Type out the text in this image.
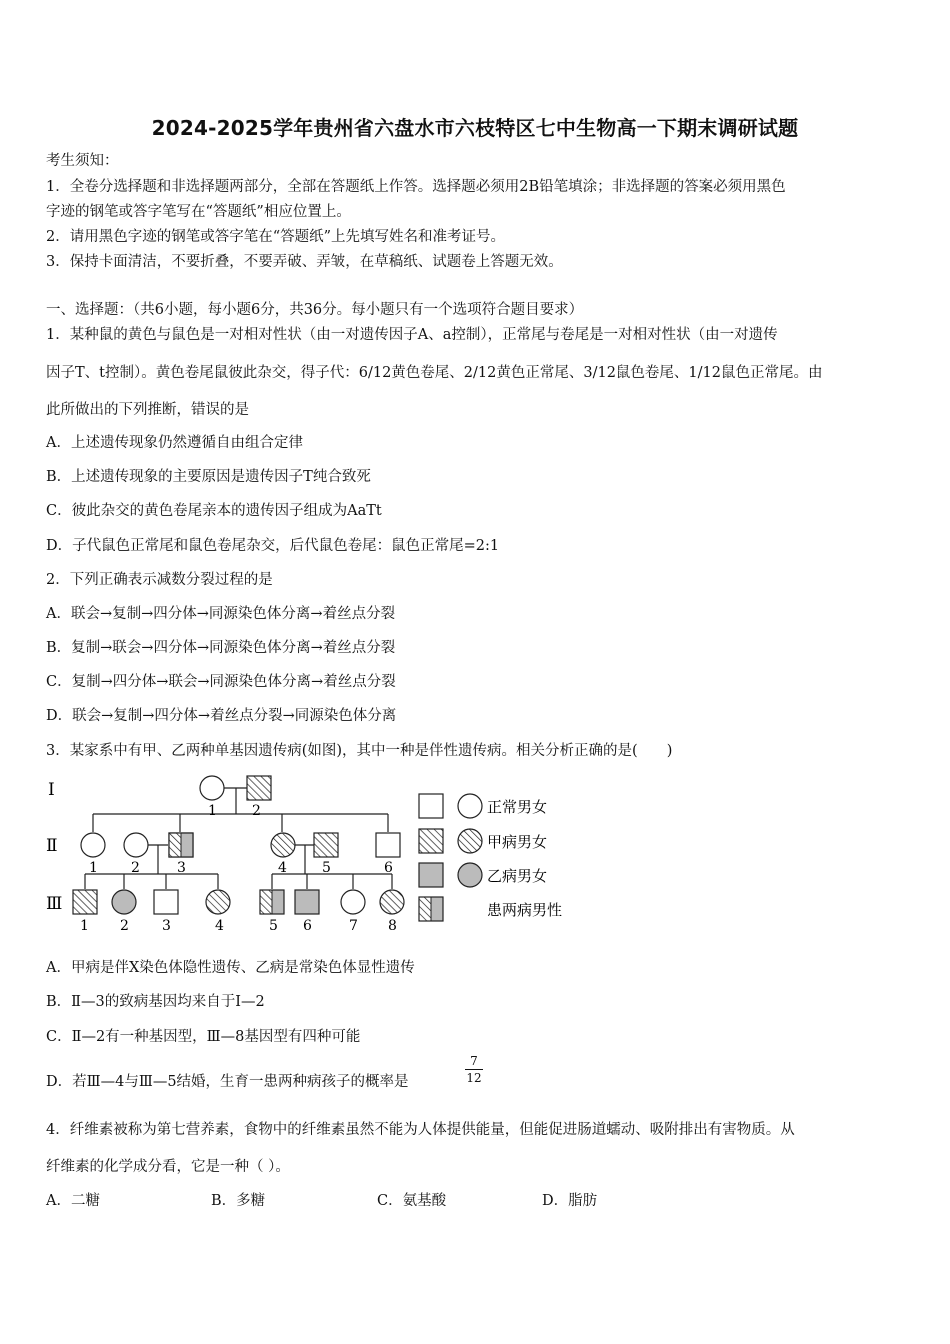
2024-2025学年贵州省六盘水市六枝特区七中生物高一下期末调研试题
考生须知：
1．全卷分选择题和非选择题两部分，全部在答题纸上作答。选择题必须用2B铅笔填涂；非选择题的答案必须用黑色
字迹的钢笔或答字笔写在“答题纸”相应位置上。
2．请用黑色字迹的钢笔或答字笔在“答题纸”上先填写姓名和准考证号。
3．保持卡面清洁，不要折叠，不要弄破、弄皱，在草稿纸、试题卷上答题无效。
一、选择题：（共6小题，每小题6分，共36分。每小题只有一个选项符合题目要求）
1．某种鼠的黄色与鼠色是一对相对性状（由一对遗传因子A、a控制），正常尾与卷尾是一对相对性状（由一对遗传
因子T、t控制）。黄色卷尾鼠彼此杂交，得子代：6/12黄色卷尾、2/12黄色正常尾、3/12鼠色卷尾、1/12鼠色正常尾。由
此所做出的下列推断，错误的是
A．上述遗传现象仍然遵循自由组合定律
B．上述遗传现象的主要原因是遗传因子T纯合致死
C．彼此杂交的黄色卷尾亲本的遗传因子组成为AaTt
D．子代鼠色正常尾和鼠色卷尾杂交，后代鼠色卷尾：鼠色正常尾=2:1
2．下列正确表示减数分裂过程的是
A．联会→复制→四分体→同源染色体分离→着丝点分裂
B．复制→联会→四分体→同源染色体分离→着丝点分裂
C．复制→四分体→联会→同源染色体分离→着丝点分裂
D．联会→复制→四分体→着丝点分裂→同源染色体分离
3．某家系中有甲、乙两种单基因遗传病(如图)，其中一种是伴性遗传病。相关分析正确的是(　　)
Ⅰ
Ⅱ
Ⅲ
1	2
1 2	3	4	5	6
1 2 3	4	5 6	7 8
正常男女
甲病男女
乙病男女
患两病男性
A．甲病是伴X染色体隐性遗传、乙病是常染色体显性遗传
B．Ⅱ—3的致病基因均来自于Ⅰ—2
C．Ⅱ—2有一种基因型，Ⅲ—8基因型有四种可能
D．若Ⅲ—4与Ⅲ—5结婚，生育一患两种病孩子的概率是	$\frac{7}{12}$
4．纤维素被称为第七营养素，食物中的纤维素虽然不能为人体提供能量，但能促进肠道蠕动、吸附排出有害物质。从
纤维素的化学成分看，它是一种（ ）。
A．二糖	B．多糖	C．氨基酸	D．脂肪
